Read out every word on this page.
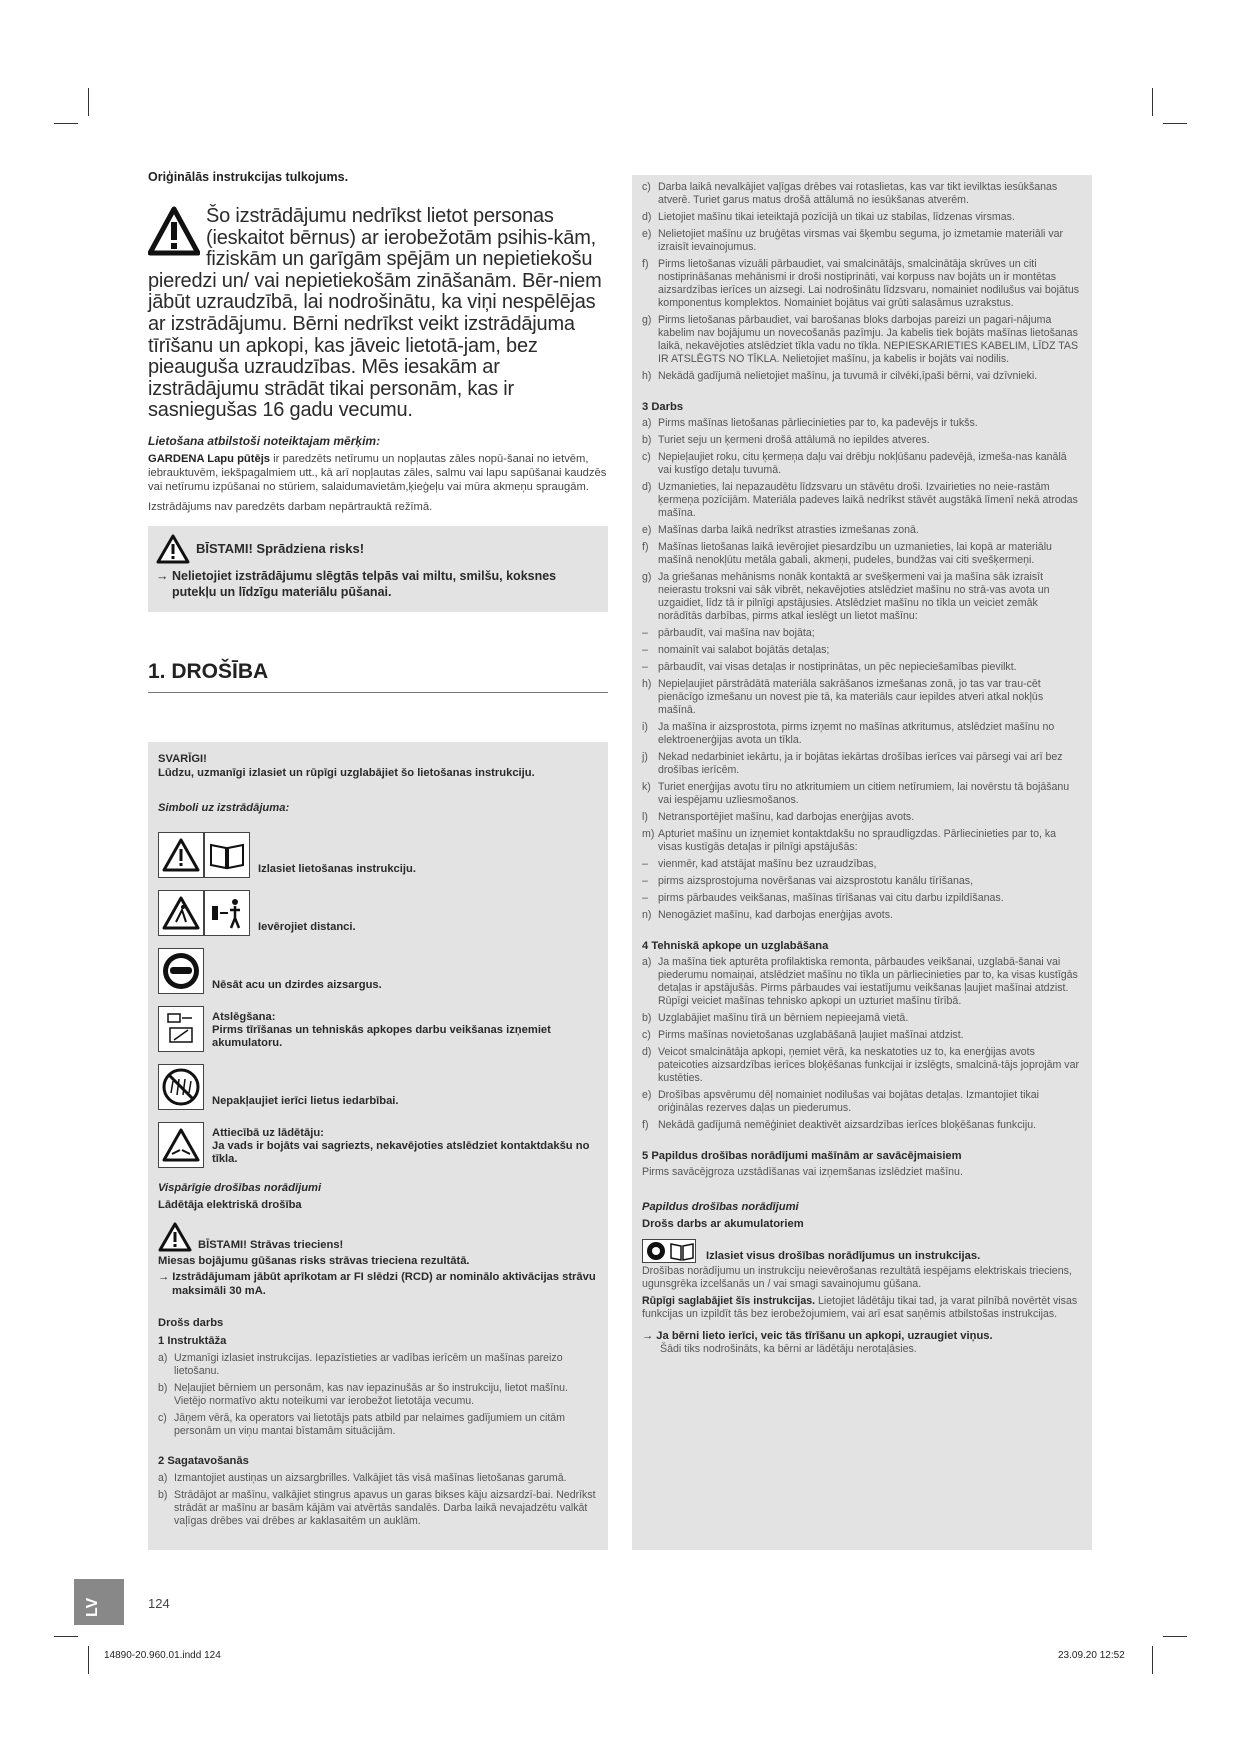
Oriģinālās instrukcijas tulkojums.
Šo izstrādājumu nedrīkst lietot personas (ieskaitot bērnus) ar ierobežotām psihis-kām, fiziskām un garīgām spējām un nepietiekošu pieredzi un/ vai nepietiekošām zināšanām. Bēr-niem jābūt uzraudzībā, lai nodrošinātu, ka viņi nespēlējas ar izstrādājumu. Bērni nedrīkst veikt izstrādājuma tīrīšanu un apkopi, kas jāveic lietotā-jam, bez pieauguša uzraudzības. Mēs iesakām ar izstrādājumu strādāt tikai personām, kas ir sasniegušas 16 gadu vecumu.
Lietošana atbilstoši noteiktajam mērķim:
GARDENA Lapu pūtējs ir paredzēts netīrumu un nopļautas zāles nopū-šanai no ietvēm, iebrauktuvēm, iekšpagalmiem utt., kā arī nopļautas zāles, salmu vai lapu sapūšanai kaudzēs vai netīrumu izpūšanai no stūriem, salaidumavietām,ķieģeļu vai mūra akmeņu spraugām.
Izstrādājums nav paredzēts darbam nepārtrauktā režīmā.
BĪSTAMI! Sprādziena risks!
→ Nelietojiet izstrādājumu slēgtās telpās vai miltu, smilšu, koksnes putekļu un līdzīgu materiālu pūšanai.
1. DROŠĪBA
SVARĪGI!
Lūdzu, uzmanīgi izlasiet un rūpīgi uzglabājiet šo lietošanas instrukciju.
Simboli uz izstrādājuma:
Izlasiet lietošanas instrukciju.
Ievērojiet distanci.
Nēsāt acu un dzirdes aizsargus.
Atslēgšana:
Pirms tīrīšanas un tehniskās apkopes darbu veikšanas izņemiet akumulatoru.
Nepakļaujiet ierīci lietus iedarbībai.
Attiecībā uz lādētāju:
Ja vads ir bojāts vai sagriezts, nekavējoties atslēdziet kontaktdakšu no tīkla.
Vispārīgie drošības norādījumi
Lādētāja elektriskā drošība
BĪSTAMI! Strāvas trieciens!
Miesas bojājumu gūšanas risks strāvas trieciena rezultātā.
→ Izstrādājumam jābūt aprīkotam ar FI slēdzi (RCD) ar nominālo aktivācijas strāvu maksimāli 30 mA.
Drošs darbs
1 Instruktāža
a) Uzmanīgi izlasiet instrukcijas. Iepazīstieties ar vadības ierīcēm un mašīnas pareizo lietošanu.
b) Neļaujiet bērniem un personām, kas nav iepazinušās ar šo instrukciju, lietot mašīnu. Vietējo normatīvo aktu noteikumi var ierobežot lietotāja vecumu.
c) Jāņem vērā, ka operators vai lietotājs pats atbild par nelaimes gadījumiem un citām personām un viņu mantai bīstamām situācijām.
2 Sagatavošanās
a) Izmantojiet austiņas un aizsargbrilles. Valkājiet tās visā mašīnas lietošanas garumā.
b) Strādājot ar mašīnu, valkājiet stingrus apavus un garas bikses kāju aizsardzī-bai. Nedrīkst strādāt ar mašīnu ar basām kājām vai atvērtās sandalēs. Darba laikā nevajadzētu valkāt vaļīgas drēbes vai drēbes ar kaklasaitēm un auklām.
c) Darba laikā nevalkājiet vaļīgas drēbes vai rotaslietas, kas var tikt ievilktas iesūkšanas atverē. Turiet garus matus drošā attālumā no iesūkšanas atverēm.
d) Lietojiet mašīnu tikai ieteiktajā pozīcijā un tikai uz stabilas, līdzenas virsmas.
e) Nelietojiet mašīnu uz bruģētas virsmas vai šķembu seguma, jo izmetamie materiāli var izraisīt ievainojumus.
f) Pirms lietošanas vizuāli pārbaudiet, vai smalcinātājs, smalcinātāja skrūves un citi nostiprināšanas mehānismi ir droši nostiprināti, vai korpuss nav bojāts un ir montētas aizsardzības ierīces un aizsegi. Lai nodrošinātu līdzsvaru, nomainiet nodilušus vai bojātus komponentus komplektos. Nomainiet bojātus vai grūti salasāmus uzrakstus.
g) Pirms lietošanas pārbaudiet, vai barošanas bloks darbojas pareizi un pagari-nājuma kabelim nav bojājumu un novecošanās pazīmju. Ja kabelis tiek bojāts mašīnas lietošanas laikā, nekavējoties atslēdziet tīkla vadu no tīkla. NEPIESKARIETIES KABELIM, LĪDZ TAS IR ATSLĒGTS NO TĪKLA. Nelietojiet mašīnu, ja kabelis ir bojāts vai nodilis.
h) Nekādā gadījumā nelietojiet mašīnu, ja tuvumā ir cilvēki,īpaši bērni, vai dzīvnieki.
3 Darbs
a) Pirms mašīnas lietošanas pārliecinieties par to, ka padevējs ir tukšs.
b) Turiet seju un ķermeni drošā attālumā no iepildes atveres.
c) Nepieļaujiet roku, citu ķermeņa daļu vai drēbju nokļūšanu padevējā, izmeša-nas kanālā vai kustīgo detaļu tuvumā.
d) Uzmanieties, lai nepazaudētu līdzsvaru un stāvētu droši. Izvairieties no neie-rastām ķermeņa pozīcijām. Materiāla padeves laikā nedrīkst stāvēt augstākā līmenī nekā atrodas mašīna.
e) Mašīnas darba laikā nedrīkst atrasties izmešanas zonā.
f) Mašīnas lietošanas laikā ievērojiet piesardzību un uzmanieties, lai kopā ar materiālu mašīnā nenokļūtu metāla gabali, akmeņi, pudeles, bundžas vai citi svešķermeņi.
g) Ja griešanas mehānisms nonāk kontaktā ar svešķermeni vai ja mašīna sāk izraisīt neierastu troksni vai sāk vibrēt, nekavējoties atslēdziet mašīnu no strā-vas avota un uzgaidiet, līdz tā ir pilnīgi apstājusies. Atslēdziet mašīnu no tīkla un veiciet zemāk norādītās darbības, pirms atkal ieslēgt un lietot mašīnu:
– pārbaudīt, vai mašīna nav bojāta;
– nomainīt vai salabot bojātās detaļas;
– pārbaudīt, vai visas detaļas ir nostiprinātas, un pēc nepieciešamības pievilkt.
h) Nepieļaujiet pārstrādātā materiāla sakrāšanos izmešanas zonā, jo tas var trau-cēt pienācīgo izmešanu un novest pie tā, ka materiāls caur iepildes atveri atkal nokļūs mašīnā.
i) Ja mašīna ir aizsprostota, pirms izņemt no mašīnas atkritumus, atslēdziet mašīnu no elektroenerģijas avota un tīkla.
j) Nekad nedarbiniet iekārtu, ja ir bojātas iekārtas drošības ierīces vai pārsegi vai arī bez drošības ierīcēm.
k) Turiet enerģijas avotu tīru no atkritumiem un citiem netīrumiem, lai novērstu tā bojāšanu vai iespējamu uzliesmošanos.
l) Netransportējiet mašīnu, kad darbojas enerģijas avots.
m) Apturiet mašīnu un izņemiet kontaktdakšu no spraudligzdas. Pārliecinieties par to, ka visas kustīgās detaļas ir pilnīgi apstājušās:
– vienmēr, kad atstājat mašīnu bez uzraudzības,
– pirms aizsprostojuma novēršanas vai aizsprostotu kanālu tīrīšanas,
– pirms pārbaudes veikšanas, mašīnas tīrīšanas vai citu darbu izpildīšanas.
n) Nenogāziet mašīnu, kad darbojas enerģijas avots.
4 Tehniskā apkope un uzglabāšana
a) Ja mašīna tiek apturēta profilaktiska remonta, pārbaudes veikšanai, uzglabā-šanai vai piederumu nomaiņai, atslēdziet mašīnu no tīkla un pārliecinieties par to, ka visas kustīgās detaļas ir apstājušās. Pirms pārbaudes vai iestatījumu veikšanas ļaujiet mašīnai atdzist. Rūpīgi veiciet mašīnas tehnisko apkopi un uzturiet mašīnu tīrībā.
b) Uzglabājiet mašīnu tīrā un bērniem nepieejamā vietā.
c) Pirms mašīnas novietošanas uzglabāšanā ļaujiet mašīnai atdzist.
d) Veicot smalcinātāja apkopi, ņemiet vērā, ka neskatoties uz to, ka enerģijas avots pateicoties aizsardzības ierīces bloķēšanas funkcijai ir izslēgts, smalcinā-tājs joprojām var kustēties.
e) Drošības apsvērumu dēļ nomainiet nodilušas vai bojātas detaļas. Izmantojiet tikai oriģinālas rezerves daļas un piederumus.
f) Nekādā gadījumā nemēģiniet deaktivēt aizsardzības ierīces bloķēšanas funkciju.
5 Papildus drošības norādījumi mašīnām ar savācējmaisiem
Pirms savācējgroza uzstādīšanas vai izņemšanas izslēdziet mašīnu.
Papildus drošības norādījumi
Drošs darbs ar akumulatoriem
Izlasiet visus drošības norādījumus un instrukcijas.
Drošības norādījumu un instrukciju neievērošanas rezultātā iespējams elektriskais trieciens, ugunsgrēka izcelšanās un / vai smagi savainojumu gūšana.
Rūpīgi saglabājiet šīs instrukcijas. Lietojiet lādētāju tikai tad, ja varat pilnībā novērtēt visas funkcijas un izpildīt tās bez ierobežojumiem, vai arī esat saņēmis atbilstošas instrukcijas.
→ Ja bērni lieto ierīci, veic tās tīrīšanu un apkopi, uzraugiet viņus.
Šādi tiks nodrošināts, ka bērni ar lādētāju nerotaļāsies.
LV	124
14890-20.960.01.indd 124	23.09.20 12:52
